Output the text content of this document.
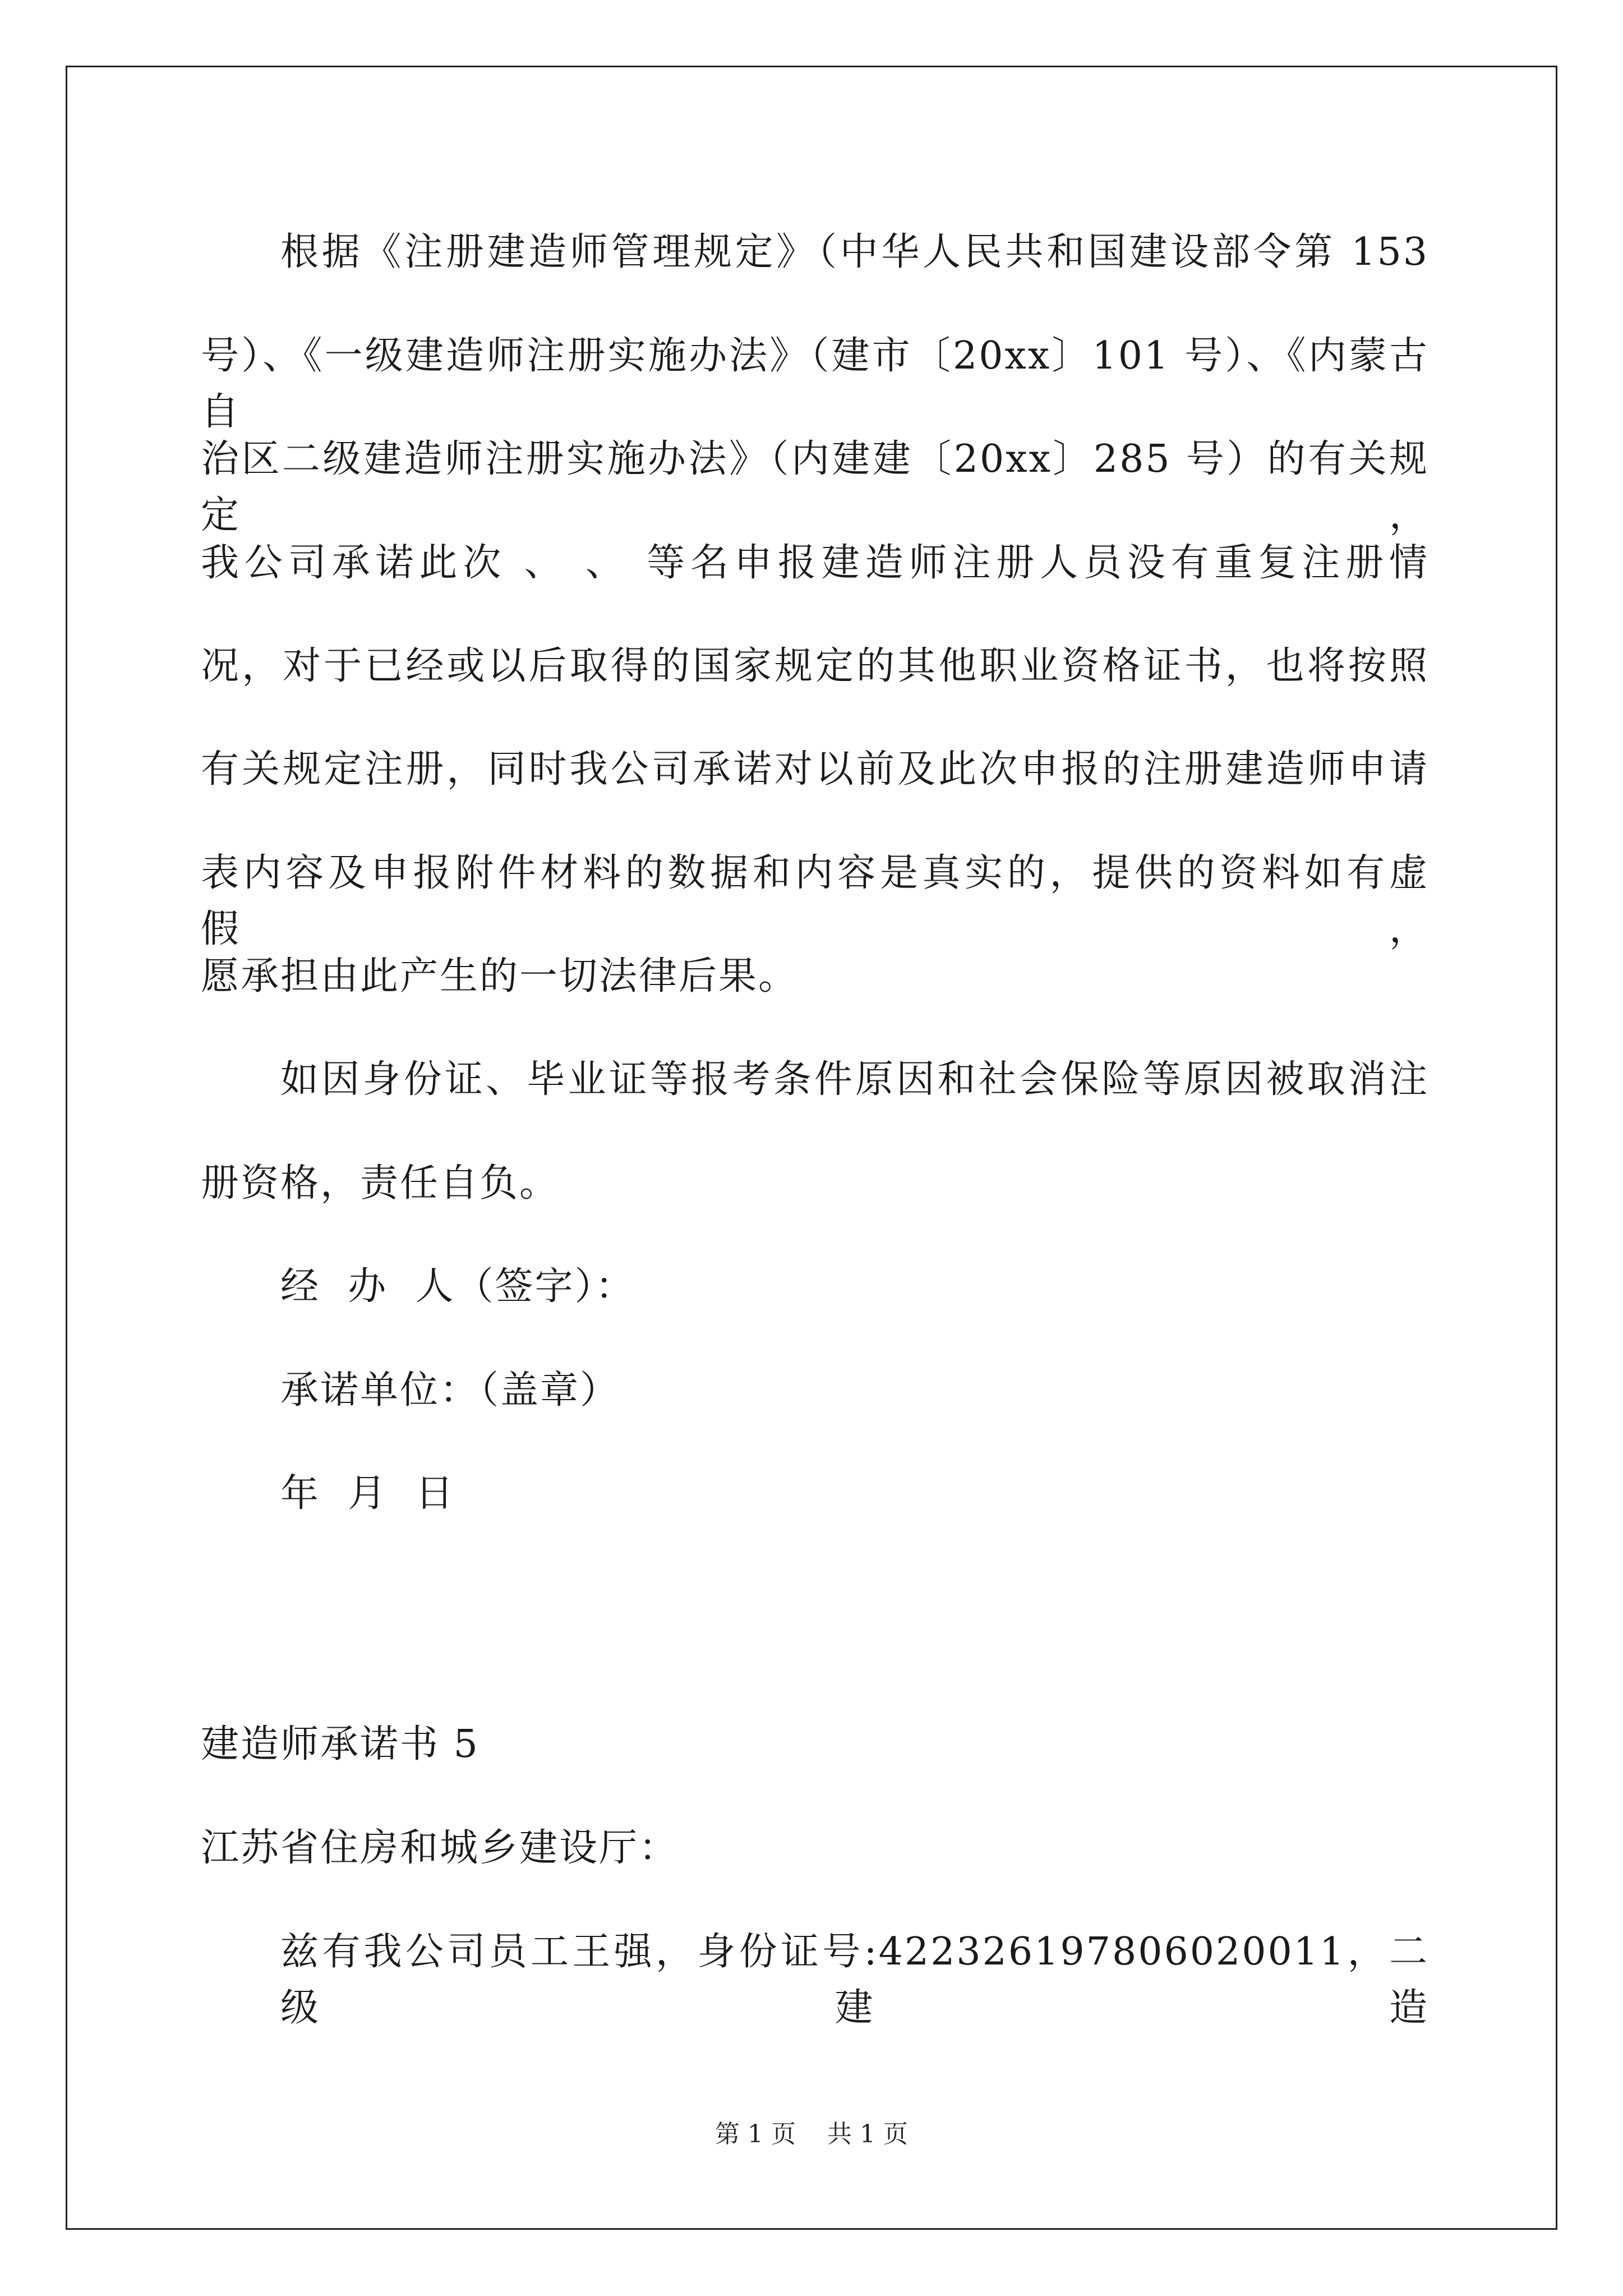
根据《注册建造师管理规定》（中华人民共和国建设部令第 153
号）、《一级建造师注册实施办法》（建市〔20xx〕101 号）、《内蒙古自
治区二级建造师注册实施办法》（内建建〔20xx〕285 号）的有关规定，
我公司承诺此次 、 、 等名申报建造师注册人员没有重复注册情
况，对于已经或以后取得的国家规定的其他职业资格证书，也将按照
有关规定注册，同时我公司承诺对以前及此次申报的注册建造师申请
表内容及申报附件材料的数据和内容是真实的，提供的资料如有虚假，
愿承担由此产生的一切法律后果。
如因身份证、毕业证等报考条件原因和社会保险等原因被取消注
册资格，责任自负。
经  办  人（签字）：
承诺单位：（盖章）
年  月  日
建造师承诺书 5
江苏省住房和城乡建设厅：
兹有我公司员工王强，身份证号:422326197806020011，二级建造
第 1 页    共 1 页
